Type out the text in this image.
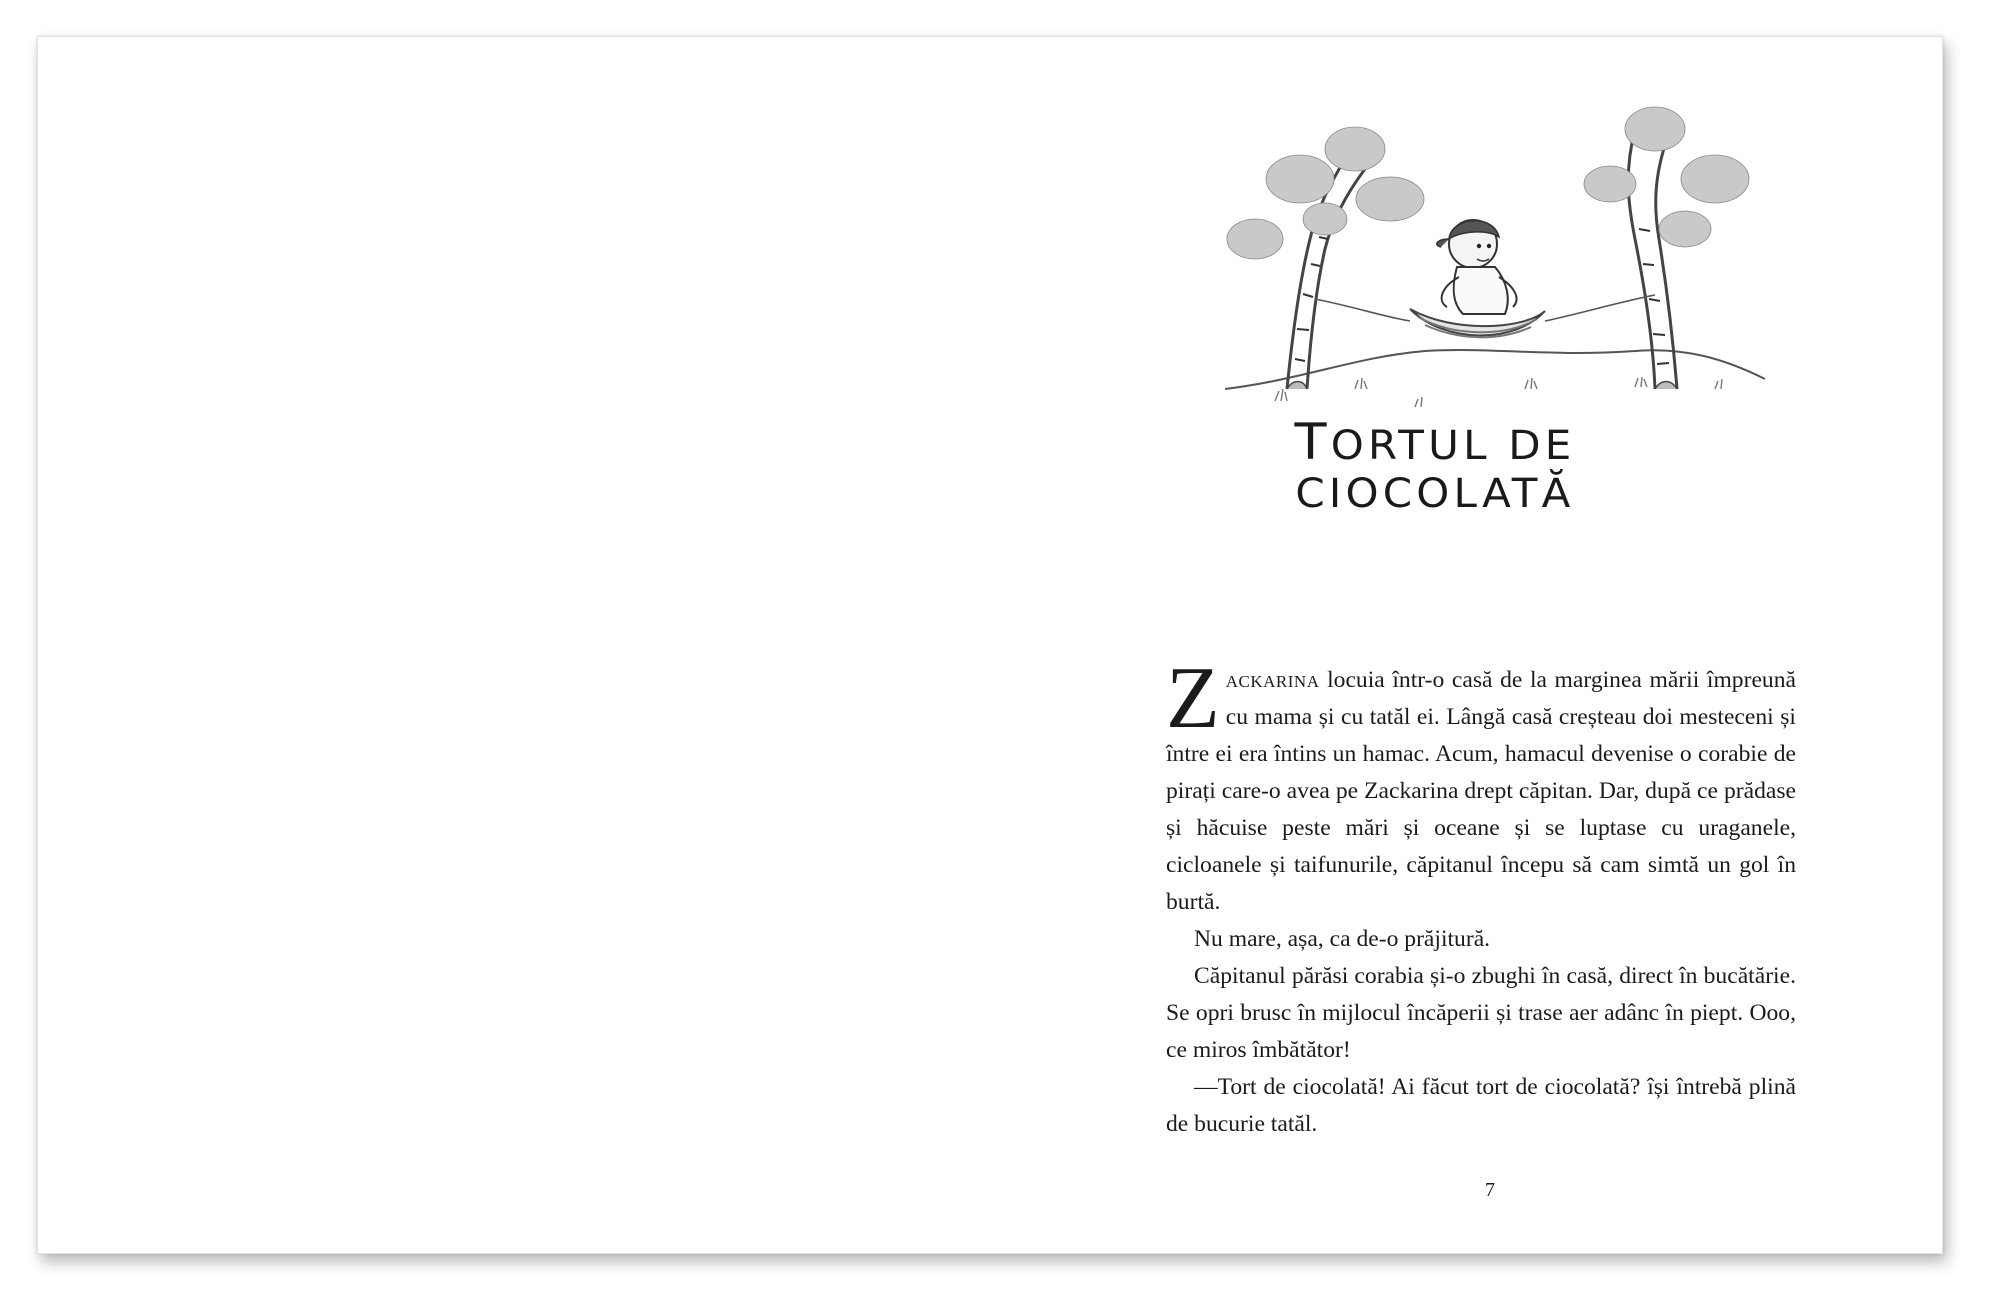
TORTUL DE CIOCOLATĂ

Zackarina locuia într-o casă de la marginea mării împreună cu mama și cu tatăl ei. Lângă casă creșteau doi mesteceni și între ei era întins un hamac. Acum, hamacul devenise o corabie de pirați care-o avea pe Zackarina drept căpitan. Dar, după ce prădase și hăcuise peste mări și oceane și se luptase cu uraganele, cicloanele și taifunurile, căpitanul începu să cam simtă un gol în burtă.

Nu mare, așa, ca de-o prăjitură.

Căpitanul părăsi corabia și-o zbughi în casă, direct în bucătărie. Se opri brusc în mijlocul încăperii și trase aer adânc în piept. Ooo, ce miros îmbătător!

—Tort de ciocolată! Ai făcut tort de ciocolată? își întrebă plină de bucurie tatăl.

7
